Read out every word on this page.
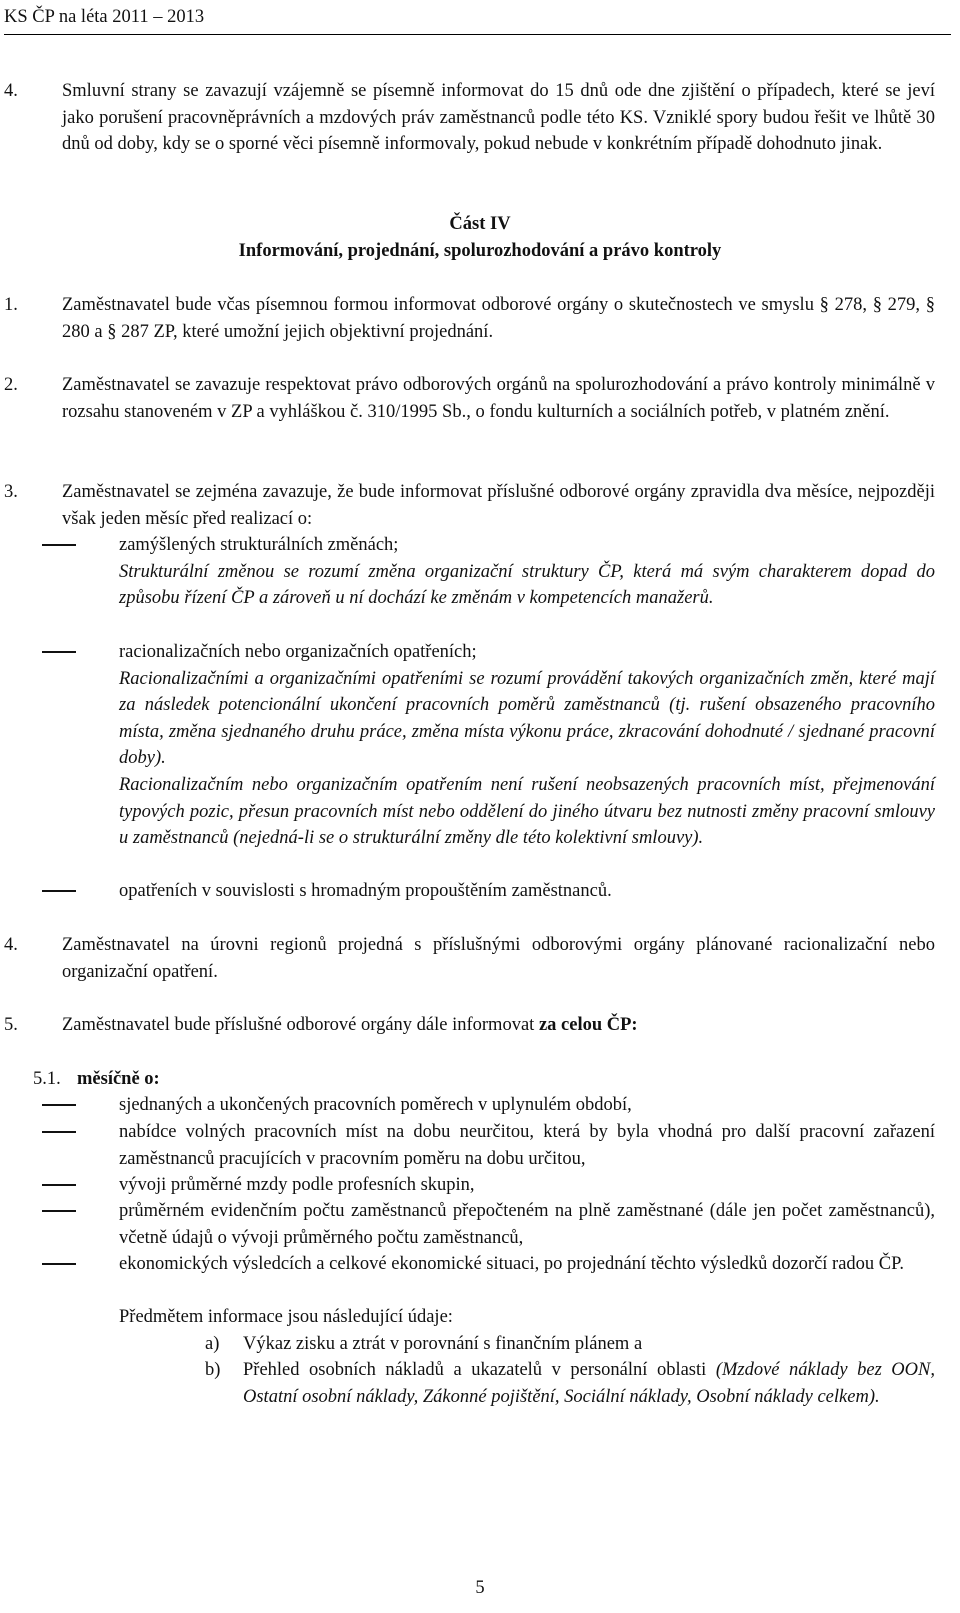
KS ČP na léta 2011 – 2013
4. Smluvní strany se zavazují vzájemně se písemně informovat do 15 dnů ode dne zjištění o případech, které se jeví jako porušení pracovněprávních a mzdových práv zaměstnanců podle této KS. Vzniklé spory budou řešit ve lhůtě 30 dnů od doby, kdy se o sporné věci písemně informovaly, pokud nebude v konkrétním případě dohodnuto jinak.
Část IV
Informování, projednání, spolurozhodování a právo kontroly
1. Zaměstnavatel bude včas písemnou formou informovat odborové orgány o skutečnostech ve smyslu § 278, § 279, § 280 a § 287 ZP, které umožní jejich objektivní projednání.
2. Zaměstnavatel se zavazuje respektovat právo odborových orgánů na spolurozhodování a právo kontroly minimálně v rozsahu stanoveném v ZP a vyhláškou č. 310/1995 Sb., o fondu kulturních a sociálních potřeb, v platném znění.
3. Zaměstnavatel se zejména zavazuje, že bude informovat příslušné odborové orgány zpravidla dva měsíce, nejpozději však jeden měsíc před realizací o:
zamýšlených strukturálních změnách;
Strukturální změnou se rozumí změna organizační struktury ČP, která má svým charakterem dopad do způsobu řízení ČP a zároveň u ní dochází ke změnám v kompetencích manažerů.
racionalizačních nebo organizačních opatřeních;
Racionalizačními a organizačními opatřeními se rozumí provádění takových organizačních změn, které mají za následek potencionální ukončení pracovních poměrů zaměstnanců (tj. rušení obsazeného pracovního místa, změna sjednaného druhu práce, změna místa výkonu práce, zkracování dohodnuté / sjednané pracovní doby).
Racionalizačním nebo organizačním opatřením není rušení neobsazených pracovních míst, přejmenování typových pozic, přesun pracovních míst nebo oddělení do jiného útvaru bez nutnosti změny pracovní smlouvy u zaměstnanců (nejedná-li se o strukturální změny dle této kolektivní smlouvy).
opatřeních v souvislosti s hromadným propouštěním zaměstnanců.
4. Zaměstnavatel na úrovni regionů projedná s příslušnými odborovými orgány plánované racionalizační nebo organizační opatření.
5. Zaměstnavatel bude příslušné odborové orgány dále informovat za celou ČP:
5.1. měsíčně o:
sjednaných a ukončených pracovních poměrech v uplynulém období,
nabídce volných pracovních míst na dobu neurčitou, která by byla vhodná pro další pracovní zařazení zaměstnanců pracujících v pracovním poměru na dobu určitou,
vývoji průměrné mzdy podle profesních skupin,
průměrném evidenčním počtu zaměstnanců přepočteném na plně zaměstnané (dále jen počet zaměstnanců), včetně údajů o vývoji průměrného počtu zaměstnanců,
ekonomických výsledcích a celkové ekonomické situaci, po projednání těchto výsledků dozorčí radou ČP.
Předmětem informace jsou následující údaje:
a) Výkaz zisku a ztrát v porovnání s finančním plánem a
b) Přehled osobních nákladů a ukazatelů v personální oblasti (Mzdové náklady bez OON, Ostatní osobní náklady, Zákonné pojištění, Sociální náklady, Osobní náklady celkem).
5
